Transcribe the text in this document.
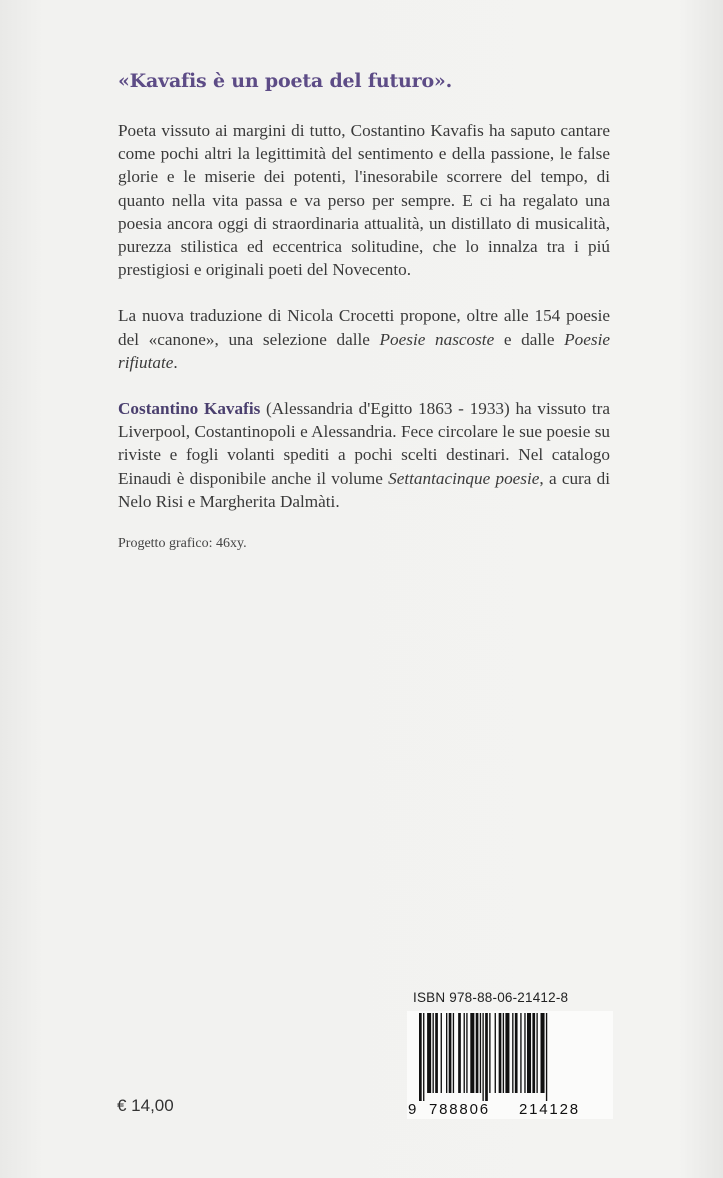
«Kavafis è un poeta del futuro».

Poeta vissuto ai margini di tutto, Costantino Kavafis ha saputo cantare come pochi altri la legittimità del sentimento e della passione, le false glorie e le miserie dei potenti, l'inesorabile scorrere del tempo, di quanto nella vita passa e va perso per sempre. E ci ha regalato una poesia ancora oggi di straordinaria attualità, un distillato di musicalità, purezza stilistica ed eccentrica solitudine, che lo innalza tra i piú prestigiosi e originali poeti del Novecento.

La nuova traduzione di Nicola Crocetti propone, oltre alle 154 poesie del «canone», una selezione dalle Poesie nascoste e dalle Poesie rifiutate.

Costantino Kavafis (Alessandria d'Egitto 1863 - 1933) ha vissuto tra Liverpool, Costantinopoli e Alessandria. Fece circolare le sue poesie su riviste e fogli volanti spediti a pochi scelti destinari. Nel catalogo Einaudi è disponibile anche il volume Settantacinque poesie, a cura di Nelo Risi e Margherita Dalmàti.

Progetto grafico: 46xy.

ISBN 978-88-06-21412-8
9 788806 214128
€ 14,00
